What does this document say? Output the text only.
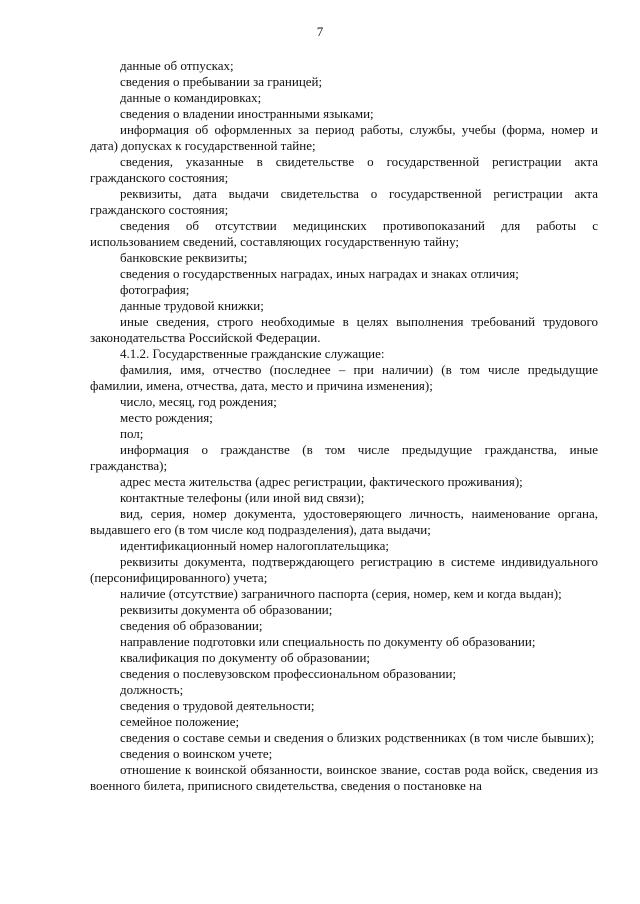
7

данные об отпусках;

сведения о пребывании за границей;

данные о командировках;

сведения о владении иностранными языками;

информация об оформленных за период работы, службы, учебы (форма, номер и дата) допусках к государственной тайне;

сведения, указанные в свидетельстве о государственной регистрации акта гражданского состояния;

реквизиты, дата выдачи свидетельства о государственной регистрации акта гражданского состояния;

сведения об отсутствии медицинских противопоказаний для работы с использованием сведений, составляющих государственную тайну;

банковские реквизиты;

сведения о государственных наградах, иных наградах и знаках отличия;

фотография;

данные трудовой книжки;

иные сведения, строго необходимые в целях выполнения требований трудового законодательства Российской Федерации.

4.1.2. Государственные гражданские служащие:

фамилия, имя, отчество (последнее – при наличии) (в том числе предыдущие фамилии, имена, отчества, дата, место и причина изменения);

число, месяц, год рождения;

место рождения;

пол;

информация о гражданстве (в том числе предыдущие гражданства, иные гражданства);

адрес места жительства (адрес регистрации, фактического проживания);

контактные телефоны (или иной вид связи);

вид, серия, номер документа, удостоверяющего личность, наименование органа, выдавшего его (в том числе код подразделения), дата выдачи;

идентификационный номер налогоплательщика;

реквизиты документа, подтверждающего регистрацию в системе индивидуального (персонифицированного) учета;

наличие (отсутствие) заграничного паспорта (серия, номер, кем и когда выдан);

реквизиты документа об образовании;

сведения об образовании;

направление подготовки или специальность по документу об образовании;

квалификация по документу об образовании;

сведения о послевузовском профессиональном образовании;

должность;

сведения о трудовой деятельности;

семейное положение;

сведения о составе семьи и сведения о близких родственниках (в том числе бывших);

сведения о воинском учете;

отношение к воинской обязанности, воинское звание, состав рода войск, сведения из военного билета, приписного свидетельства, сведения о постановке на
